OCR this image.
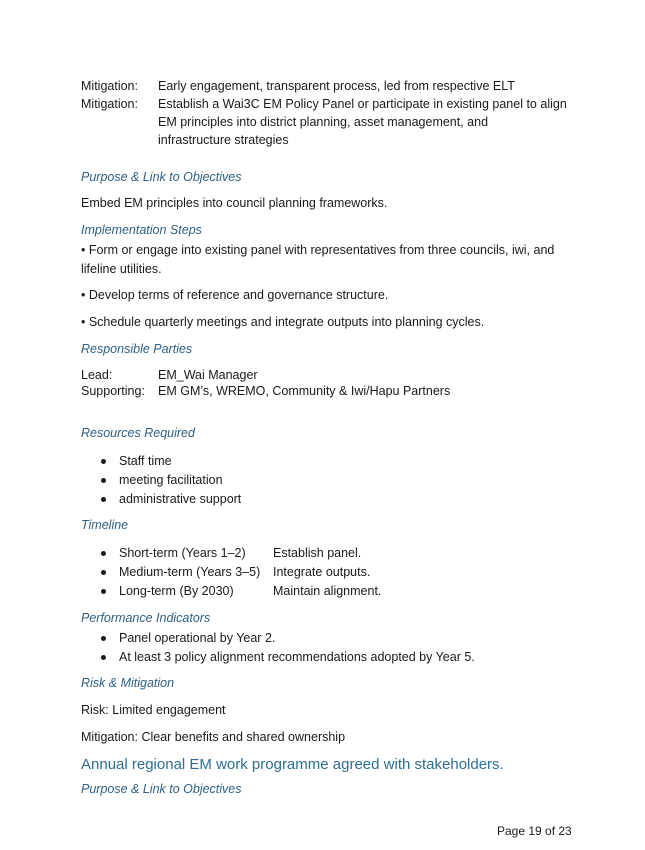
Mitigation: Early engagement, transparent process, led from respective ELT
Mitigation: Establish a Wai3C EM Policy Panel or participate in existing panel to align
EM principles into district planning, asset management, and
infrastructure strategies
Purpose & Link to Objectives
Embed EM principles into council planning frameworks.
Implementation Steps
• Form or engage into existing panel with representatives from three councils, iwi, and
lifeline utilities.
• Develop terms of reference and governance structure.
• Schedule quarterly meetings and integrate outputs into planning cycles.
Responsible Parties
Lead:	EM_Wai Manager
Supporting: EM GM’s, WREMO, Community & Iwi/Hapu Partners
Resources Required
Staff time
meeting facilitation
administrative support
Timeline
Short-term (Years 1–2) Establish panel.
Medium-term (Years 3–5) Integrate outputs.
Long-term (By 2030)	Maintain alignment.
Performance Indicators
Panel operational by Year 2.
At least 3 policy alignment recommendations adopted by Year 5.
Risk & Mitigation
Risk: Limited engagement
Mitigation: Clear benefits and shared ownership
Annual regional EM work programme agreed with stakeholders.
Purpose & Link to Objectives
Page 19 of 23
